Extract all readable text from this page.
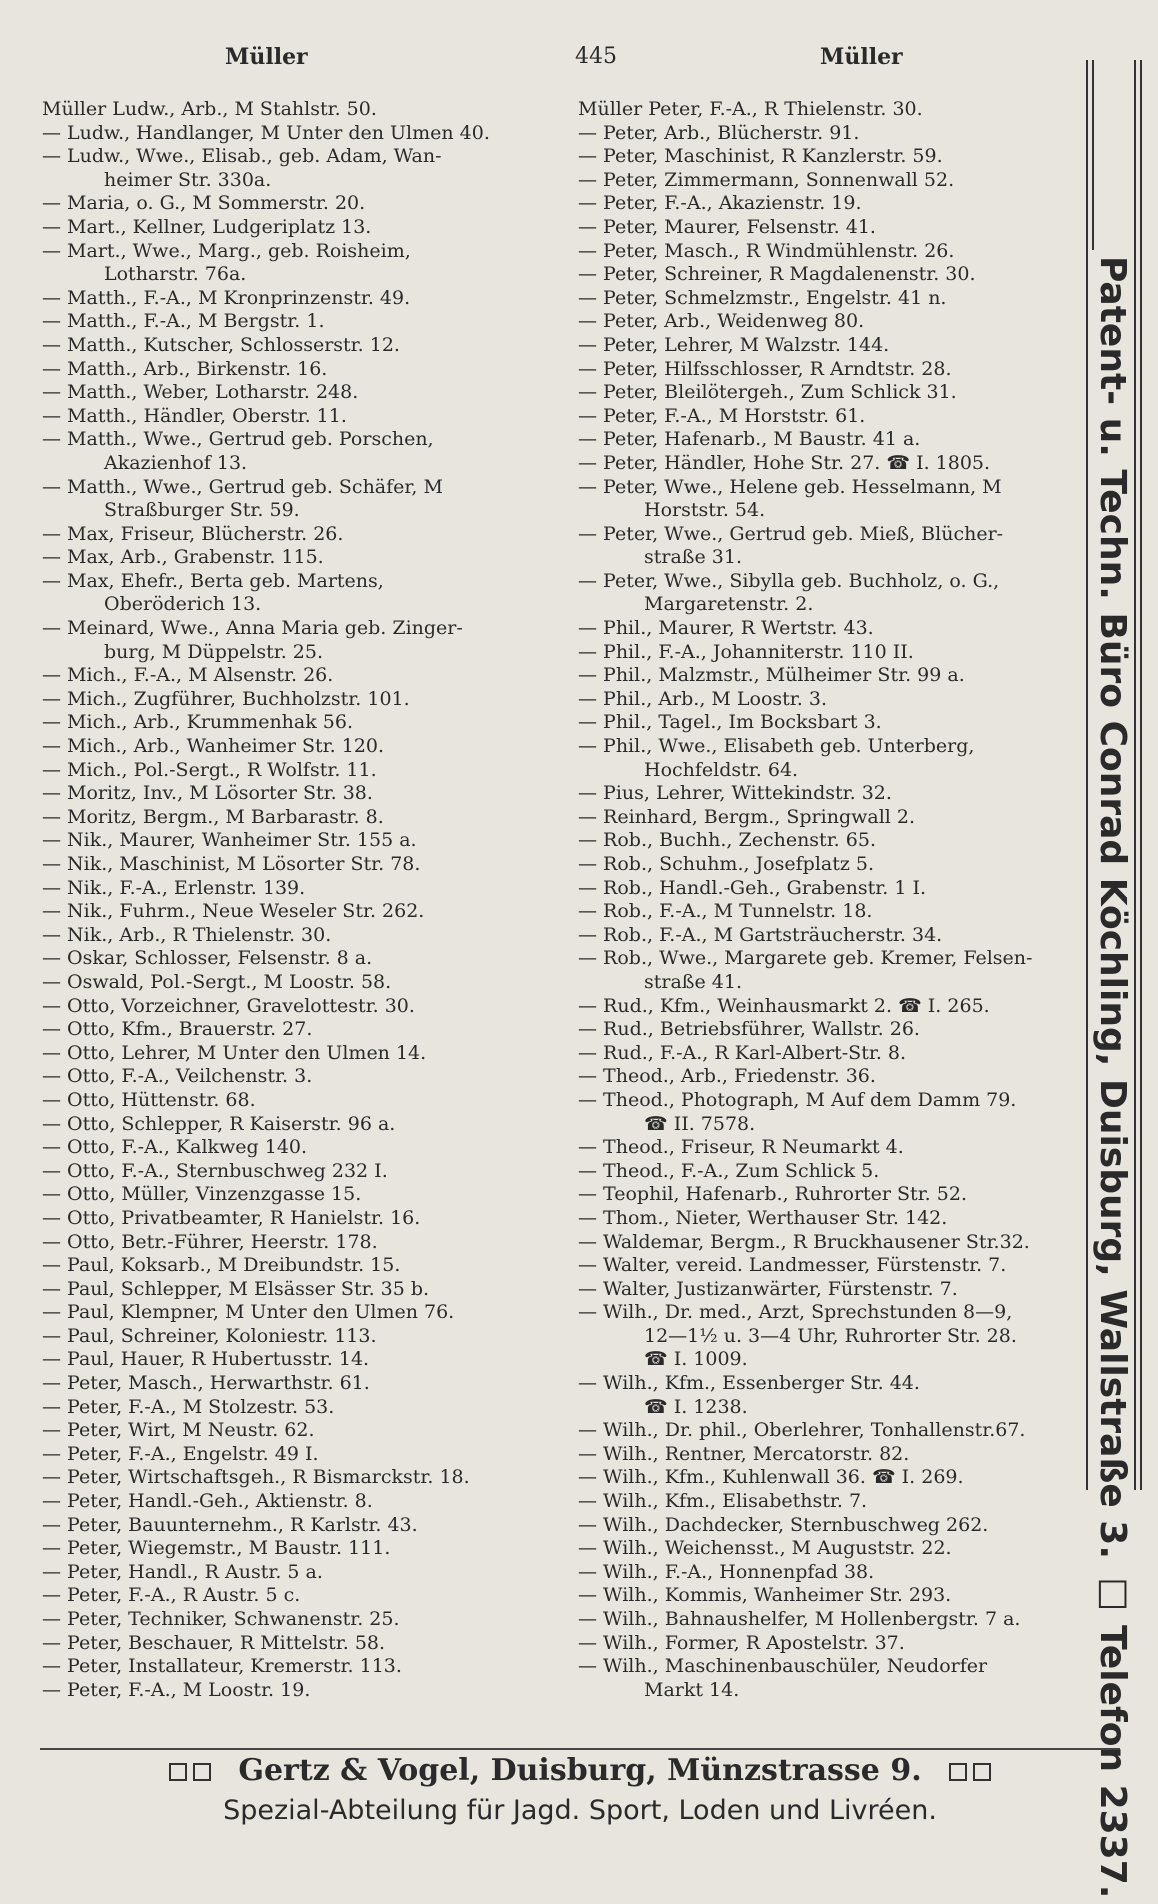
Müller	445	Müller
Müller Ludw., Arb., M Stahlstr. 50.
— Ludw., Handlanger, M Unter den Ulmen 40.
— Ludw., Wwe., Elisab., geb. Adam, Wan-
heimer Str. 330a.
— Maria, o. G., M Sommerstr. 20.
— Mart., Kellner, Ludgeriplatz 13.
— Mart., Wwe., Marg., geb. Roisheim,
Lotharstr. 76a.
— Matth., F.-A., M Kronprinzenstr. 49.
— Matth., F.-A., M Bergstr. 1.
— Matth., Kutscher, Schlosserstr. 12.
— Matth., Arb., Birkenstr. 16.
— Matth., Weber, Lotharstr. 248.
— Matth., Händler, Oberstr. 11.
— Matth., Wwe., Gertrud geb. Porschen,
Akazienhof 13.
— Matth., Wwe., Gertrud geb. Schäfer, M
Straßburger Str. 59.
— Max, Friseur, Blücherstr. 26.
— Max, Arb., Grabenstr. 115.
— Max, Ehefr., Berta geb. Martens,
Oberöderich 13.
— Meinard, Wwe., Anna Maria geb. Zinger-
burg, M Düppelstr. 25.
— Mich., F.-A., M Alsenstr. 26.
— Mich., Zugführer, Buchholzstr. 101.
— Mich., Arb., Krummenhak 56.
— Mich., Arb., Wanheimer Str. 120.
— Mich., Pol.-Sergt., R Wolfstr. 11.
— Moritz, Inv., M Lösorter Str. 38.
— Moritz, Bergm., M Barbarastr. 8.
— Nik., Maurer, Wanheimer Str. 155 a.
— Nik., Maschinist, M Lösorter Str. 78.
— Nik., F.-A., Erlenstr. 139.
— Nik., Fuhrm., Neue Weseler Str. 262.
— Nik., Arb., R Thielenstr. 30.
— Oskar, Schlosser, Felsenstr. 8 a.
— Oswald, Pol.-Sergt., M Loostr. 58.
— Otto, Vorzeichner, Gravelottestr. 30.
— Otto, Kfm., Brauerstr. 27.
— Otto, Lehrer, M Unter den Ulmen 14.
— Otto, F.-A., Veilchenstr. 3.
— Otto, Hüttenstr. 68.
— Otto, Schlepper, R Kaiserstr. 96 a.
— Otto, F.-A., Kalkweg 140.
— Otto, F.-A., Sternbuschweg 232 I.
— Otto, Müller, Vinzenzgasse 15.
— Otto, Privatbeamter, R Hanielstr. 16.
— Otto, Betr.-Führer, Heerstr. 178.
— Paul, Koksarb., M Dreibundstr. 15.
— Paul, Schlepper, M Elsässer Str. 35 b.
— Paul, Klempner, M Unter den Ulmen 76.
— Paul, Schreiner, Koloniestr. 113.
— Paul, Hauer, R Hubertusstr. 14.
— Peter, Masch., Herwarthstr. 61.
— Peter, F.-A., M Stolzestr. 53.
— Peter, Wirt, M Neustr. 62.
— Peter, F.-A., Engelstr. 49 I.
— Peter, Wirtschaftsgeh., R Bismarckstr. 18.
— Peter, Handl.-Geh., Aktienstr. 8.
— Peter, Bauunternehm., R Karlstr. 43.
— Peter, Wiegemstr., M Baustr. 111.
— Peter, Handl., R Austr. 5 a.
— Peter, F.-A., R Austr. 5 c.
— Peter, Techniker, Schwanenstr. 25.
— Peter, Beschauer, R Mittelstr. 58.
— Peter, Installateur, Kremerstr. 113.
— Peter, F.-A., M Loostr. 19.
Müller Peter, F.-A., R Thielenstr. 30.
— Peter, Arb., Blücherstr. 91.
— Peter, Maschinist, R Kanzlerstr. 59.
— Peter, Zimmermann, Sonnenwall 52.
— Peter, F.-A., Akazienstr. 19.
— Peter, Maurer, Felsenstr. 41.
— Peter, Masch., R Windmühlenstr. 26.
— Peter, Schreiner, R Magdalenenstr. 30.
— Peter, Schmelzmstr., Engelstr. 41 n.
— Peter, Arb., Weidenweg 80.
— Peter, Lehrer, M Walzstr. 144.
— Peter, Hilfsschlosser, R Arndtstr. 28.
— Peter, Bleilötergeh., Zum Schlick 31.
— Peter, F.-A., M Horststr. 61.
— Peter, Hafenarb., M Baustr. 41 a.
— Peter, Händler, Hohe Str. 27. ☎ I. 1805.
— Peter, Wwe., Helene geb. Hesselmann, M
Horststr. 54.
— Peter, Wwe., Gertrud geb. Mieß, Blücher-
straße 31.
— Peter, Wwe., Sibylla geb. Buchholz, o. G.,
Margaretenstr. 2.
— Phil., Maurer, R Wertstr. 43.
— Phil., F.-A., Johanniterstr. 110 II.
— Phil., Malzmstr., Mülheimer Str. 99 a.
— Phil., Arb., M Loostr. 3.
— Phil., Tagel., Im Bocksbart 3.
— Phil., Wwe., Elisabeth geb. Unterberg,
Hochfeldstr. 64.
— Pius, Lehrer, Wittekindstr. 32.
— Reinhard, Bergm., Springwall 2.
— Rob., Buchh., Zechenstr. 65.
— Rob., Schuhm., Josefplatz 5.
— Rob., Handl.-Geh., Grabenstr. 1 I.
— Rob., F.-A., M Tunnelstr. 18.
— Rob., F.-A., M Gartsträucherstr. 34.
— Rob., Wwe., Margarete geb. Kremer, Felsen-
straße 41.
— Rud., Kfm., Weinhausmarkt 2. ☎ I. 265.
— Rud., Betriebsführer, Wallstr. 26.
— Rud., F.-A., R Karl-Albert-Str. 8.
— Theod., Arb., Friedenstr. 36.
— Theod., Photograph, M Auf dem Damm 79.
☎ II. 7578.
— Theod., Friseur, R Neumarkt 4.
— Theod., F.-A., Zum Schlick 5.
— Teophil, Hafenarb., Ruhrorter Str. 52.
— Thom., Nieter, Werthauser Str. 142.
— Waldemar, Bergm., R Bruckhausener Str.32.
— Walter, vereid. Landmesser, Fürstenstr. 7.
— Walter, Justizanwärter, Fürstenstr. 7.
— Wilh., Dr. med., Arzt, Sprechstunden 8—9,
12—1½ u. 3—4 Uhr, Ruhrorter Str. 28.
☎ I. 1009.
— Wilh., Kfm., Essenberger Str. 44.
☎ I. 1238.
— Wilh., Dr. phil., Oberlehrer, Tonhallenstr.67.
— Wilh., Rentner, Mercatorstr. 82.
— Wilh., Kfm., Kuhlenwall 36. ☎ I. 269.
— Wilh., Kfm., Elisabethstr. 7.
— Wilh., Dachdecker, Sternbuschweg 262.
— Wilh., Weichensst., M Auguststr. 22.
— Wilh., F.-A., Honnenpfad 38.
— Wilh., Kommis, Wanheimer Str. 293.
— Wilh., Bahnaushelfer, M Hollenbergstr. 7 a.
— Wilh., Former, R Apostelstr. 37.
— Wilh., Maschinenbauschüler, Neudorfer
Markt 14.	Patent- u. Techn. Büro Conrad Köchling, Duisburg, Wallstraße 3. □ Telefon 2337.
Gertz & Vogel, Duisburg, Münzstrasse 9.
Spezial-Abteilung für Jagd. Sport, Loden und Livréen.
